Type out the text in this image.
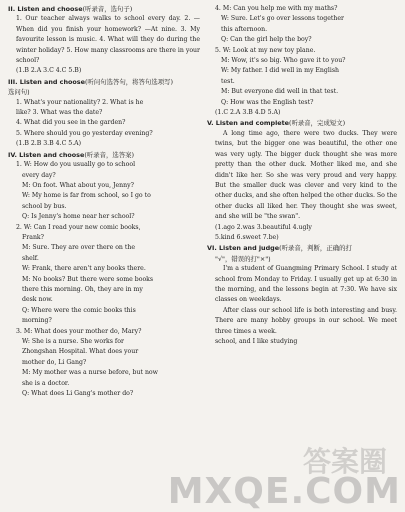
II. Listen and choose(听录音，选句子)
1. Our teacher always walks to school every day. 2. —When did you finish your homework? —At nine. 3. My favourite lesson is music. 4. What will they do during the winter holiday? 5. How many classrooms are there in your school?
(1.B 2.A 3.C 4.C 5.B)
III. Listen and choose(听问句选答句，将答句选项写)
选问句)
1. What's your nationality? 2. What is he
like? 3. What was the date?
4. What did you see in the garden?
5. Where should you go yesterday evening?
(1.B 2.B 3.B 4.C 5.A)
IV. Listen and choose(听录音，选答案)
1. W: How do you usually go to school
every day?
M: On foot. What about you, Jenny?
W: My home is far from school, so I go to
school by bus.
Q: Is Jenny's home near her school?
2. W: Can I read your new comic books,
Frank?
M: Sure. They are over there on the
shelf.
W: Frank, there aren't any books there.
M: No books? But there were some books
there this morning. Oh, they are in my
desk now.
Q: Where were the comic books this
morning?
3. M: What does your mother do, Mary?
W: She is a nurse. She works for
Zhongshan Hospital. What does your
mother do, Li Gang?
M: My mother was a nurse before, but now
she is a doctor.
Q: What does Li Gang's mother do?
4. M: Can you help me with my maths?
W: Sure. Let's go over lessons together
this afternoon.
Q: Can the girl help the boy?
5. W: Look at my new toy plane.
M: Wow, it's so big. Who gave it to you?
W: My father. I did well in my English
test.
M: But everyone did well in that test.
Q: How was the English test?
(1.C 2.A 3.B 4.D 5.A)
V. Listen and complete(听录音，完成短文)
A long time ago, there were two ducks. They were twins, but the bigger one was beautiful, the other one was very ugly. The bigger duck thought she was more pretty than the other duck. Mother liked me, and she didn't like her. So she was very proud and very happy. But the smaller duck was clever and very kind to the other ducks, and she often helped the other ducks. So the other ducks all liked her. They thought she was sweet, and she will be "the swan".
(1.ago 2.was 3.beautiful 4.ugly
5.kind 6.sweet 7.be)
VI. Listen and judge(听录音，判断，正确的打
"√"，错误的打"×")
I'm a student of Guangming Primary School. I study at school from Monday to Friday. I usually get up at 6:30 in the morning, and the lessons begin at 7:30. We have six classes on weekdays.
After class our school life is both interesting and busy. There are many hobby groups in our school. We meet three times a week.
school, and I like studying
答案圈
MXQE.COM
